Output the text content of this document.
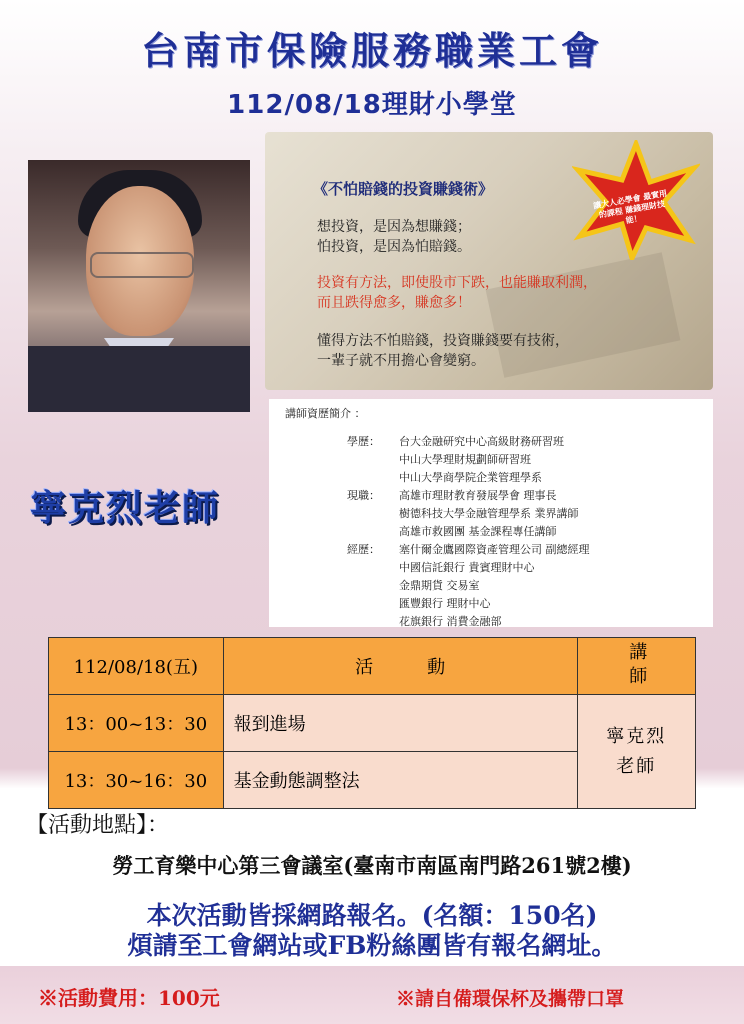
台南市保險服務職業工會
112/08/18理財小學堂
《不怕賠錢的投資賺錢術》
想投資，是因為想賺錢；
怕投資，是因為怕賠錢。
投資有方法，即使股市下跌，也能賺取利潤，
而且跌得愈多，賺愈多！
懂得方法不怕賠錢，投資賺錢要有技術，
一輩子就不用擔心會變窮。
讓大人必學會 最實用的課程 賺錢理財技能！
講師資歷簡介 ：
學歷： 台大金融研究中心高級財務研習班
中山大學理財規劃師研習班
中山大學商學院企業管理學系
現職： 高雄市理財教育發展學會 理事長
樹德科技大學金融管理學系 業界講師
高雄市救國團 基金課程專任講師
經歷： 塞什爾金鷹國際資產管理公司 副總經理
中國信託銀行 貴賓理財中心
金鼎期貨 交易室
匯豐銀行 理財中心
花旗銀行 消費金融部
寧克烈老師
112/08/18(五)	活　　　動	講師
13：00~13：30	報到進場	寧克烈老師

13：30~16：30	基金動態調整法	
【活動地點】：
勞工育樂中心第三會議室(臺南市南區南門路261號2樓)
本次活動皆採網路報名。(名額：150名)
煩請至工會網站或FB粉絲團皆有報名網址。
※活動費用：100元	※請自備環保杯及攜帶口罩
